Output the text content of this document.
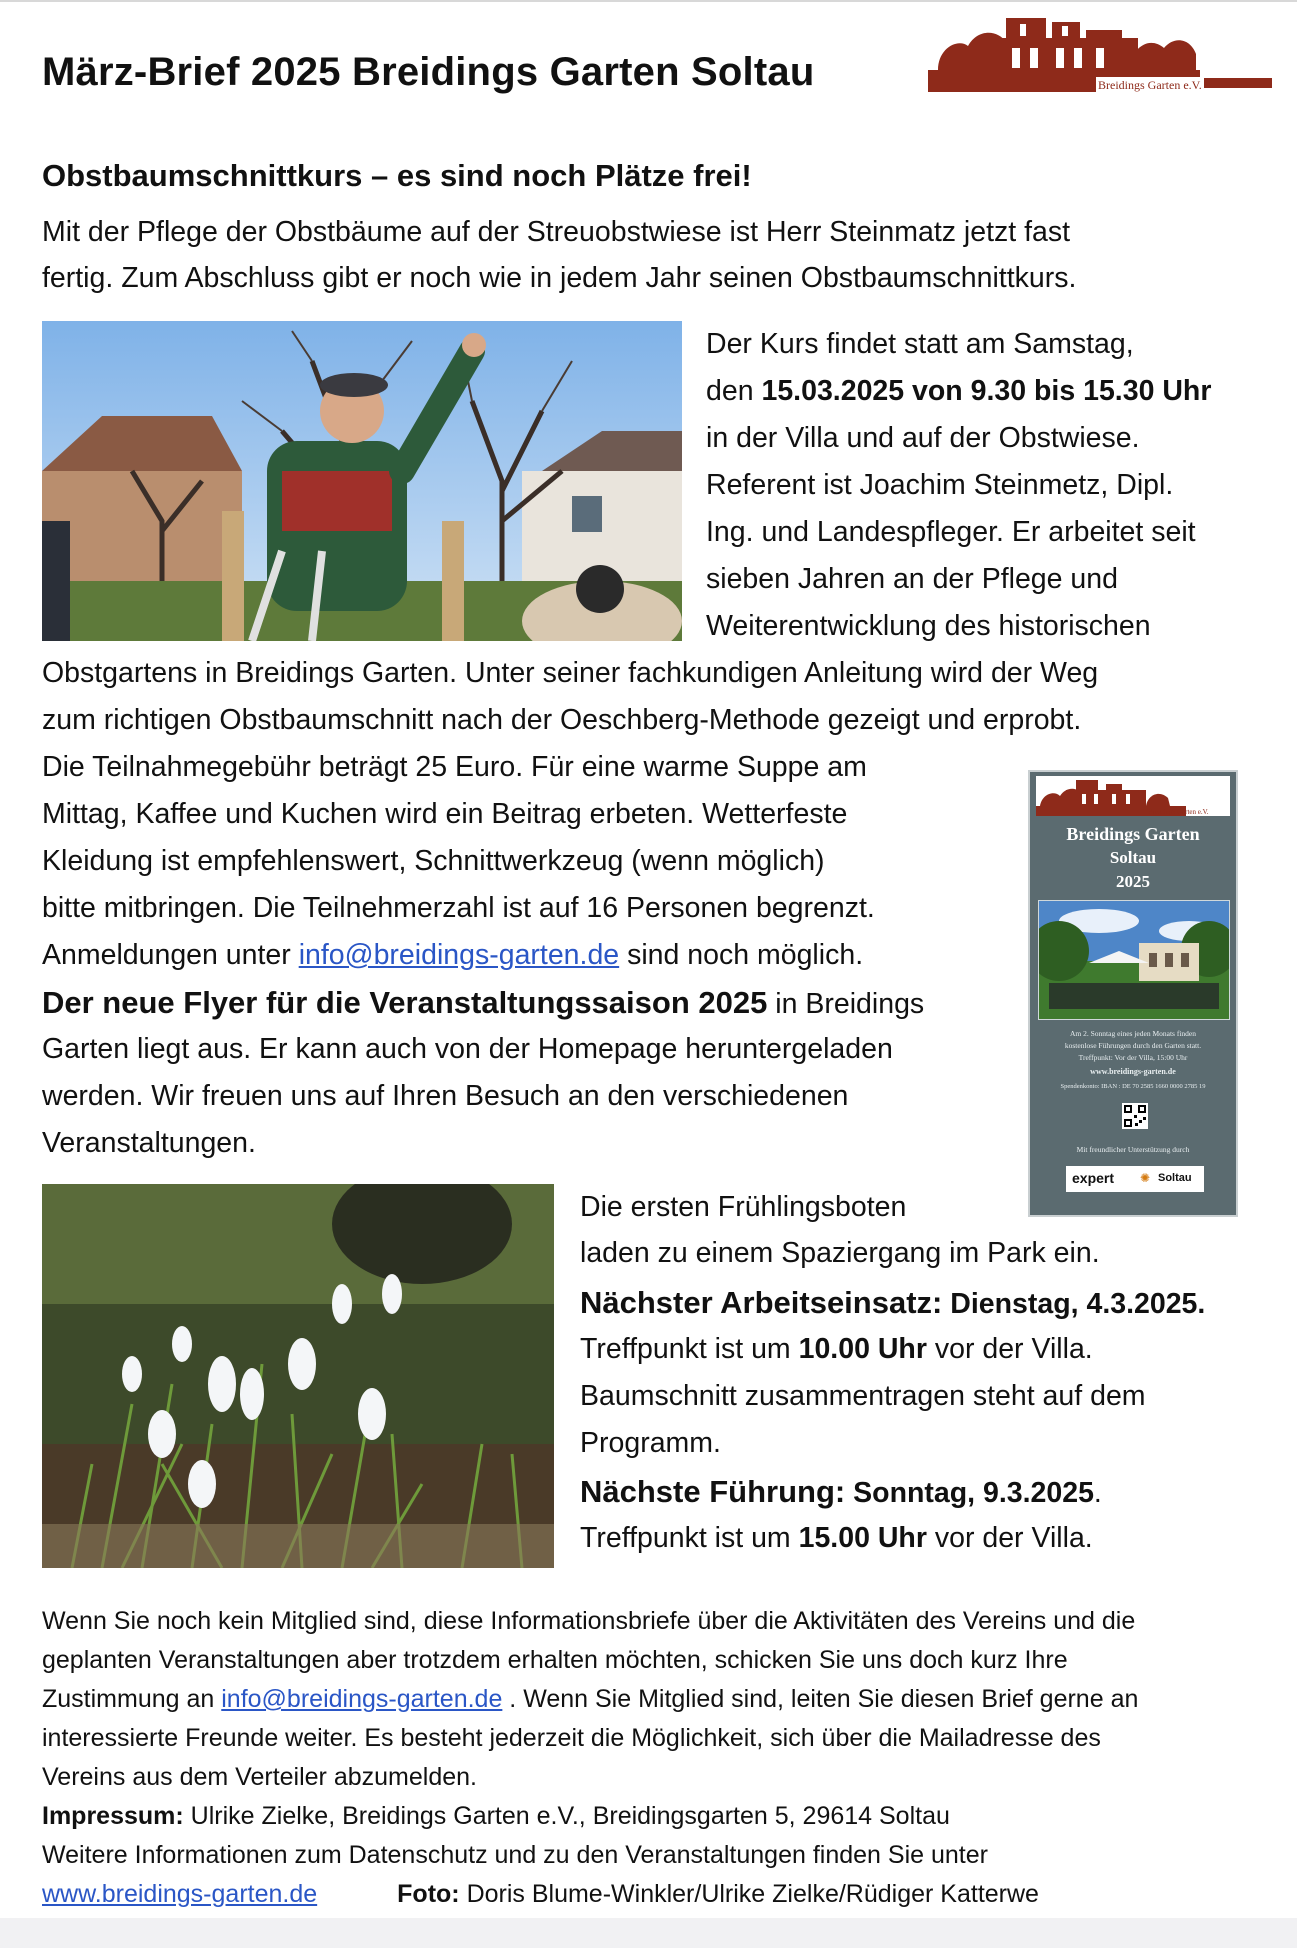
März-Brief 2025 Breidings Garten Soltau	Breidings Garten e.V.
Obstbaumschnittkurs – es sind noch Plätze frei!
Mit der Pflege der Obstbäume auf der Streuobstwiese ist Herr Steinmatz jetzt fast
fertig. Zum Abschluss gibt er noch wie in jedem Jahr seinen Obstbaumschnittkurs.
Der Kurs findet statt am Samstag,
den 15.03.2025 von 9.30 bis 15.30 Uhr
in der Villa und auf der Obstwiese.
Referent ist Joachim Steinmetz, Dipl.
Ing. und Landespfleger. Er arbeitet seit
sieben Jahren an der Pflege und
Weiterentwicklung des historischen
Obstgartens in Breidings Garten. Unter seiner fachkundigen Anleitung wird der Weg
zum richtigen Obstbaumschnitt nach der Oeschberg-Methode gezeigt und erprobt.
Die Teilnahmegebühr beträgt 25 Euro. Für eine warme Suppe am
Mittag, Kaffee und Kuchen wird ein Beitrag erbeten. Wetterfeste
Kleidung ist empfehlenswert, Schnittwerkzeug (wenn möglich)
bitte mitbringen. Die Teilnehmerzahl ist auf 16 Personen begrenzt.
Anmeldungen unter info@breidings-garten.de sind noch möglich.
Der neue Flyer für die Veranstaltungssaison 2025 in Breidings
Garten liegt aus. Er kann auch von der Homepage heruntergeladen
werden. Wir freuen uns auf Ihren Besuch an den verschiedenen
Veranstaltungen.
Breidings Garten e.V.
Breidings Garten
Soltau
2025
Am 2. Sonntag eines jeden Monats finden
kostenlose Führungen durch den Garten statt.
Treffpunkt: Vor der Villa, 15:00 Uhr
www.breidings-garten.de
Spendenkonto: IBAN : DE 70 2585 1660 0000 2785 19
Mit freundlicher Unterstützung durch
expert ✺ Soltau
Die ersten Frühlingsboten
laden zu einem Spaziergang im Park ein.
Nächster Arbeitseinsatz: Dienstag, 4.3.2025.
Treffpunkt ist um 10.00 Uhr vor der Villa.
Baumschnitt zusammentragen steht auf dem
Programm.
Nächste Führung: Sonntag, 9.3.2025.
Treffpunkt ist um 15.00 Uhr vor der Villa.
Wenn Sie noch kein Mitglied sind, diese Informationsbriefe über die Aktivitäten des Vereins und die
geplanten Veranstaltungen aber trotzdem erhalten möchten, schicken Sie uns doch kurz Ihre
Zustimmung an info@breidings-garten.de . Wenn Sie Mitglied sind, leiten Sie diesen Brief gerne an
interessierte Freunde weiter. Es besteht jederzeit die Möglichkeit, sich über die Mailadresse des
Vereins aus dem Verteiler abzumelden.
Impressum: Ulrike Zielke, Breidings Garten e.V., Breidingsgarten 5, 29614 Soltau
Weitere Informationen zum Datenschutz und zu den Veranstaltungen finden Sie unter
www.breidings-garten.de	Foto: Doris Blume-Winkler/Ulrike Zielke/Rüdiger Katterwe
